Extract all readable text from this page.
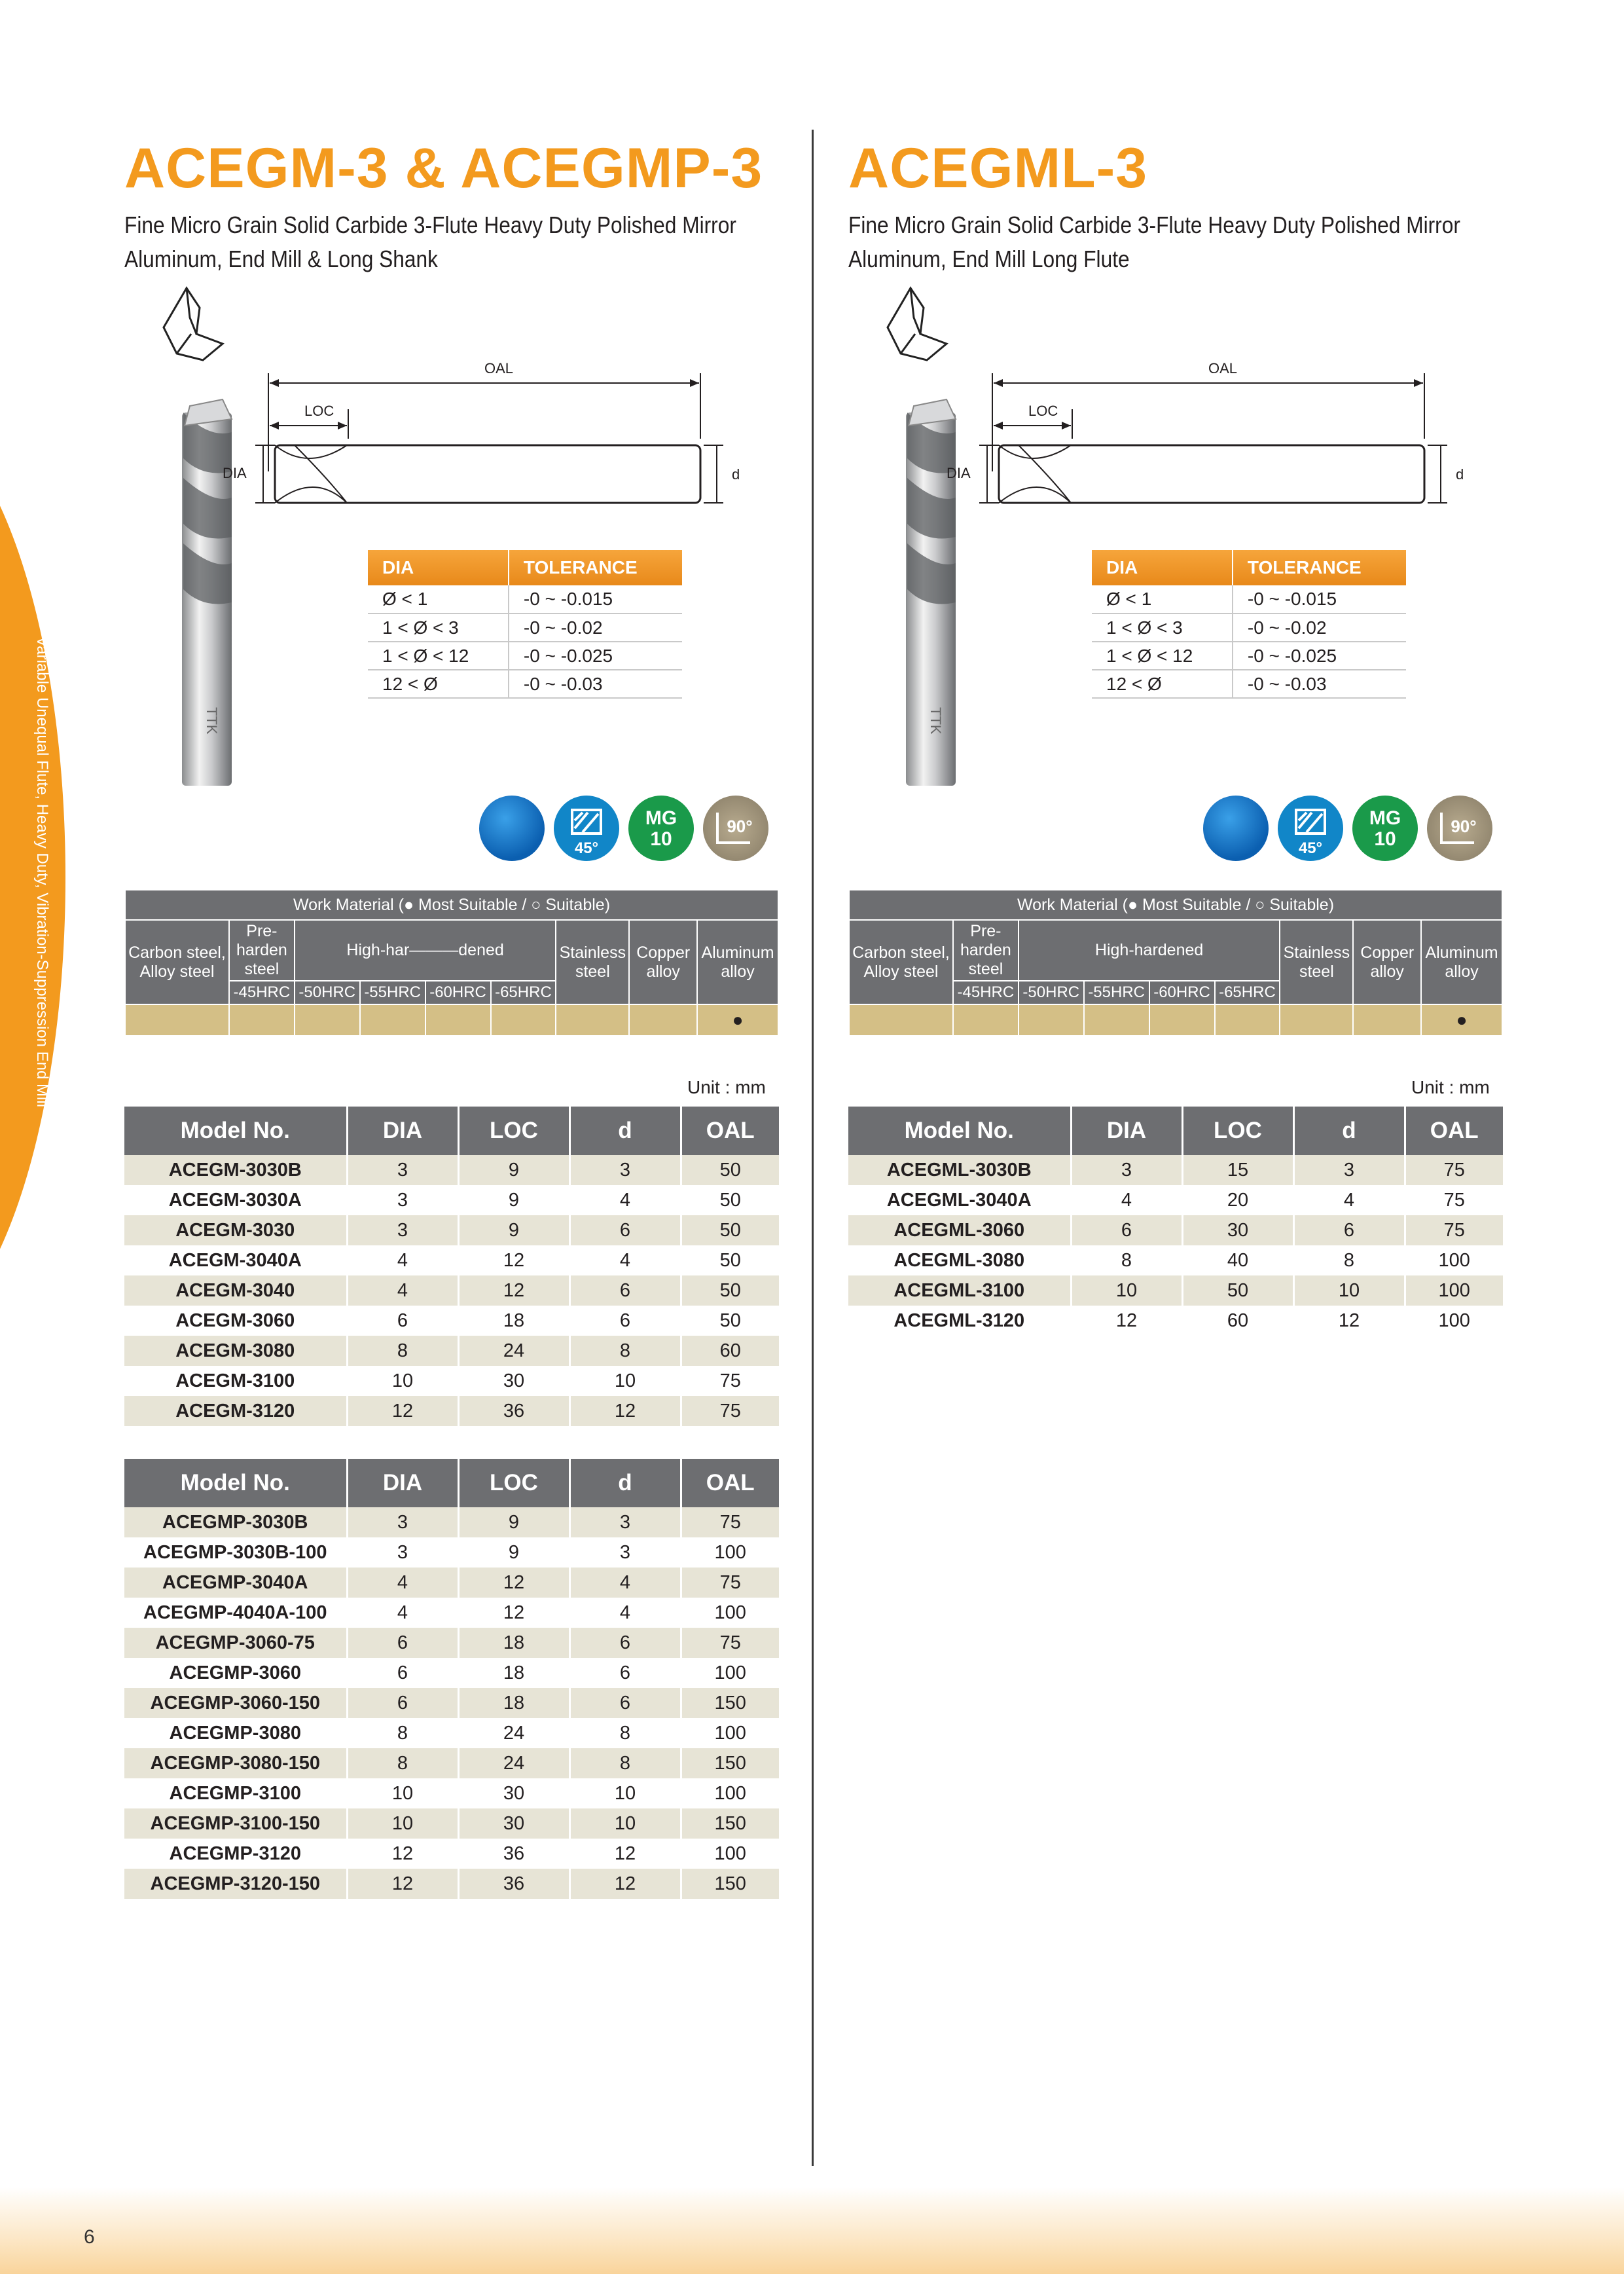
U Series
Variable Unequal Flute, Heavy Duty, Vibration-Suppression End Mill
ACEGM-3 & ACEGMP-3
Fine Micro Grain Solid Carbide 3-Flute Heavy Duty Polished Mirror
Aluminum, End Mill & Long Shank
TTK
OAL
LOC
DIA	d
DIA	TOLERANCE
Ø < 1	-0 ~ -0.015
1 < Ø < 3	-0 ~ -0.02
1 < Ø < 12	-0 ~ -0.025
12 < Ø	-0 ~ -0.03
45°
MG
10
90°
Work Material (● Most Suitable / ○ Suitable)								
Carbon steel, Alloy steel	Pre-harden steel	High-har———dened				Stainless steel	Copper alloy	Aluminum alloy
	-45HRC	-50HRC	-55HRC	-60HRC	-65HRC			
								●
Unit : mm
Model No.	DIA	LOC	d	OAL
ACEGM-3030B	3	9	3	50
ACEGM-3030A	3	9	4	50
ACEGM-3030	3	9	6	50
ACEGM-3040A	4	12	4	50
ACEGM-3040	4	12	6	50
ACEGM-3060	6	18	6	50
ACEGM-3080	8	24	8	60
ACEGM-3100	10	30	10	75
ACEGM-3120	12	36	12	75
Model No.	DIA	LOC	d	OAL
ACEGMP-3030B	3	9	3	75
ACEGMP-3030B-100	3	9	3	100
ACEGMP-3040A	4	12	4	75
ACEGMP-4040A-100	4	12	4	100
ACEGMP-3060-75	6	18	6	75
ACEGMP-3060	6	18	6	100
ACEGMP-3060-150	6	18	6	150
ACEGMP-3080	8	24	8	100
ACEGMP-3080-150	8	24	8	150
ACEGMP-3100	10	30	10	100
ACEGMP-3100-150	10	30	10	150
ACEGMP-3120	12	36	12	100
ACEGMP-3120-150	12	36	12	150
ACEGML-3
Fine Micro Grain Solid Carbide 3-Flute Heavy Duty Polished Mirror
Aluminum, End Mill Long Flute
TTK
OAL
LOC
DIA	d
DIA	TOLERANCE
Ø < 1	-0 ~ -0.015
1 < Ø < 3	-0 ~ -0.02
1 < Ø < 12	-0 ~ -0.025
12 < Ø	-0 ~ -0.03
45°
MG
10
90°
Work Material (● Most Suitable / ○ Suitable)								
Carbon steel, Alloy steel	Pre-harden steel	High-hardened				Stainless steel	Copper alloy	Aluminum alloy
	-45HRC	-50HRC	-55HRC	-60HRC	-65HRC			
								●
Unit : mm
Model No.	DIA	LOC	d	OAL
ACEGML-3030B	3	15	3	75
ACEGML-3040A	4	20	4	75
ACEGML-3060	6	30	6	75
ACEGML-3080	8	40	8	100
ACEGML-3100	10	50	10	100
ACEGML-3120	12	60	12	100
6
